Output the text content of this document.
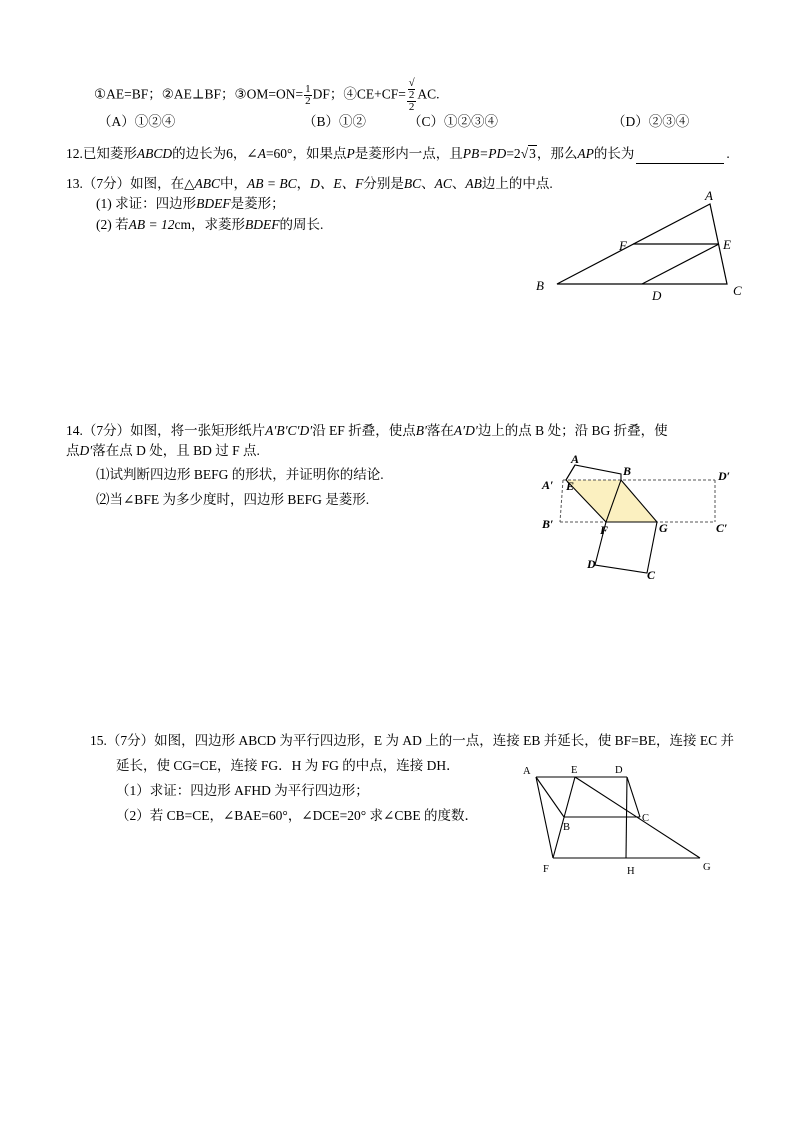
①AE=BF；②AE⊥BF；③OM=ON= $\frac{1}{2}$ DF；④CE+CF= √
2
2 AC.
（A）①②④	（B）①②	（C）①②③④	（D）②③④
12.已知菱形ABCD的边长为6，∠A=60°，如果点P是菱形内一点，且PB=PD=2√3，那么AP的长为	.
13.（7分）如图，在△ABC中，AB = BC，D、E、F分别是BC、AC、AB边上的中点.
(1) 求证：四边形BDEF是菱形；
(2) 若AB = 12cm，求菱形BDEF的周长.
A
B	C
D
E
F
14.（7分）如图，将一张矩形纸片A′B′C′D′沿 EF 折叠，使点B′落在A′D′边上的点 B 处；沿 BG 折叠，使
点D′落在点 D 处，且 BD 过 F 点.
⑴试判断四边形 BEFG 的形状，并证明你的结论.
⑵当∠BFE 为多少度时，四边形 BEFG 是菱形.
A
B	D′
A′ E
B′	F	G	C′
D
C
15.（7分）如图，四边形 ABCD 为平行四边形，E 为 AD 上的一点，连接 EB 并延长，使 BF=BE，连接 EC 并
延长，使 CG=CE，连接 FG．H 为 FG 的中点，连接 DH．
（1）求证：四边形 AFHD 为平行四边形；
（2）若 CB=CE，∠BAE=60°，∠DCE=20° 求∠CBE 的度数．
A	E	D
B
C
F	H	G
